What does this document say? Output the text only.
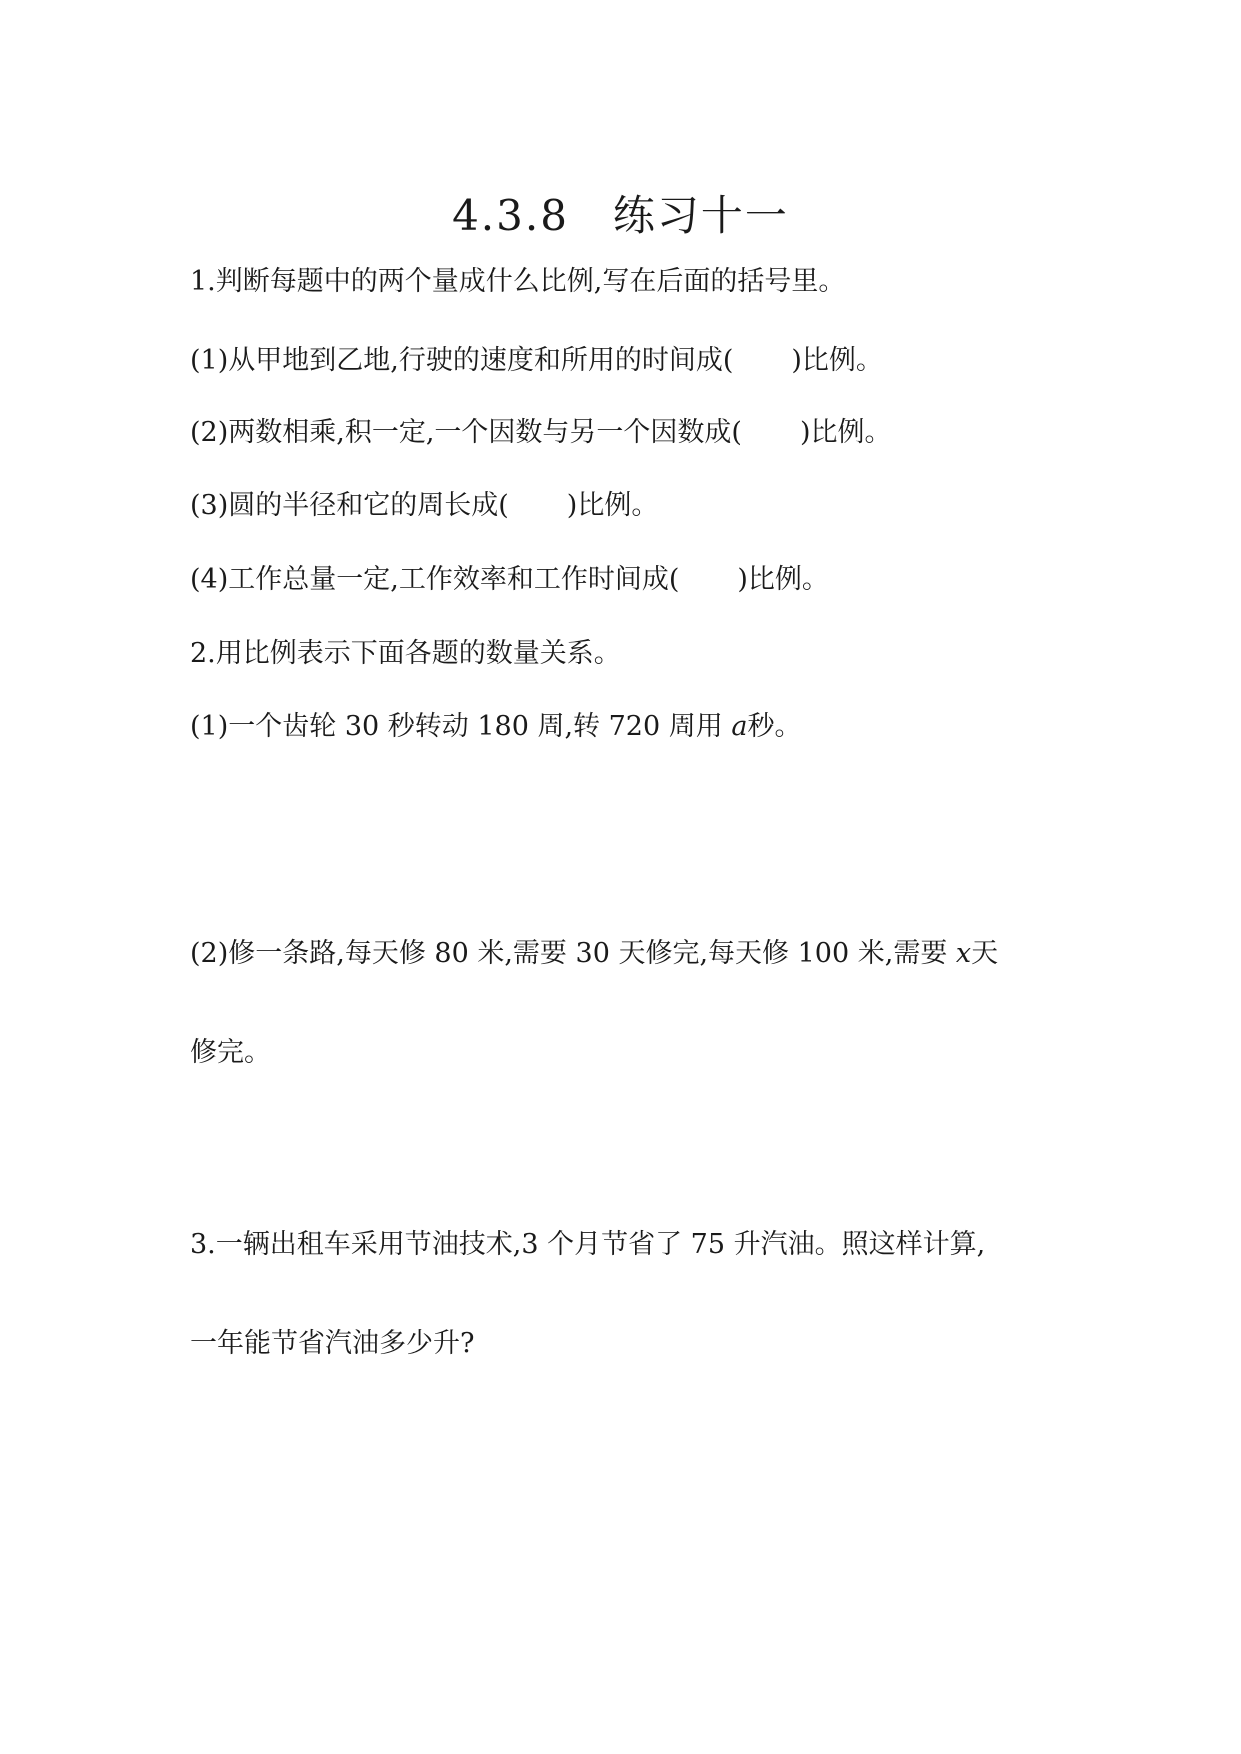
4.3.8　练习十一
1.判断每题中的两个量成什么比例,写在后面的括号里。
(1)从甲地到乙地,行驶的速度和所用的时间成( )比例。
(2)两数相乘,积一定,一个因数与另一个因数成( )比例。
(3)圆的半径和它的周长成( )比例。
(4)工作总量一定,工作效率和工作时间成( )比例。
2.用比例表示下面各题的数量关系。
(1)一个齿轮 30 秒转动 180 周,转 720 周用 a秒。
(2)修一条路,每天修 80 米,需要 30 天修完,每天修 100 米,需要 x天
修完。
3.一辆出租车采用节油技术,3 个月节省了 75 升汽油。照这样计算,
一年能节省汽油多少升?
